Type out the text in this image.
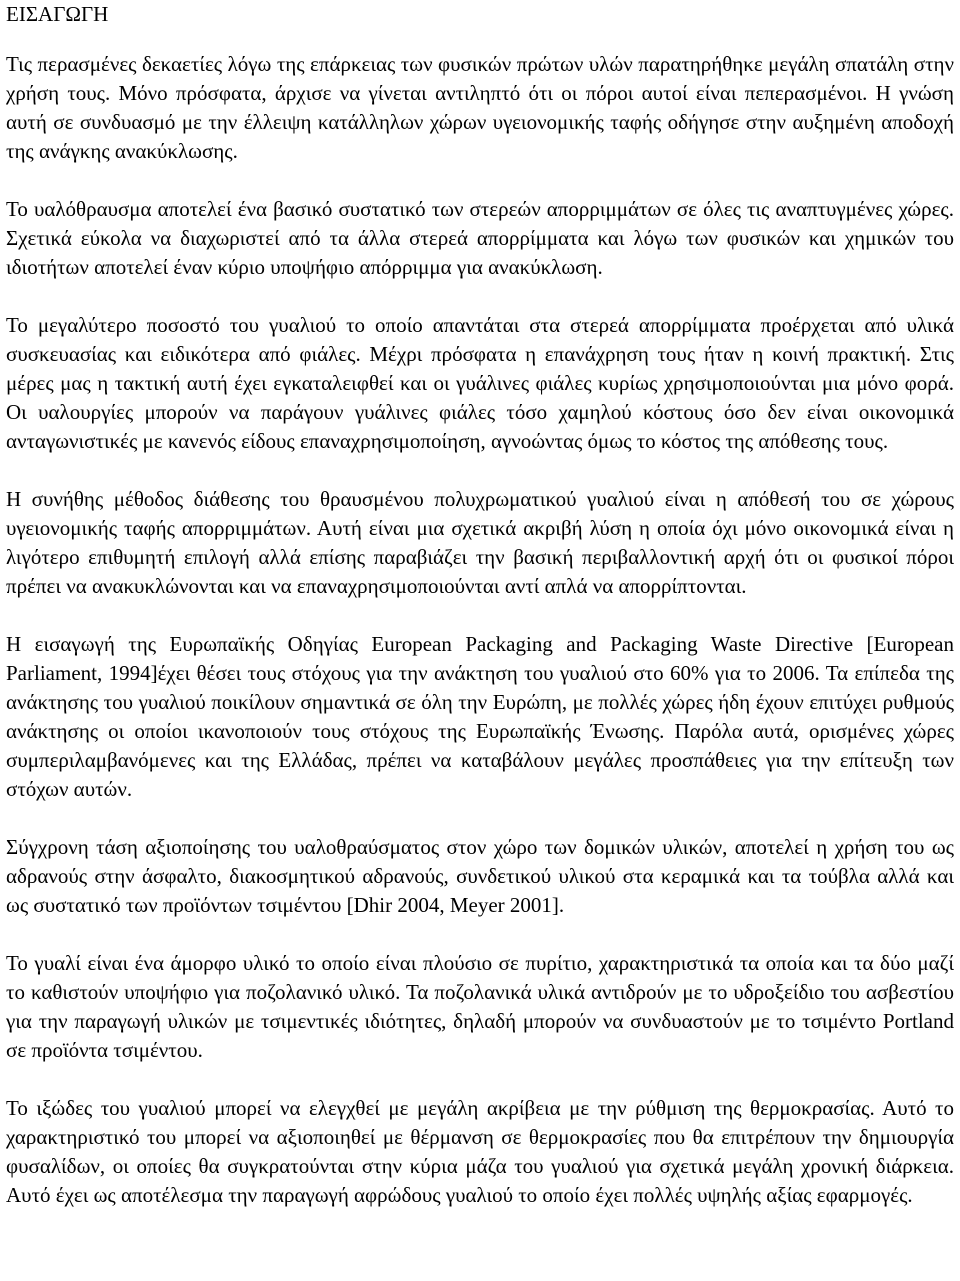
ΕΙΣΑΓΩΓΗ

Τις περασμένες δεκαετίες λόγω της επάρκειας των φυσικών πρώτων υλών παρατηρήθηκε μεγάλη σπατάλη στην χρήση τους. Μόνο πρόσφατα, άρχισε να γίνεται αντιληπτό ότι οι πόροι αυτοί είναι πεπερασμένοι. Η γνώση αυτή σε συνδυασμό με την έλλειψη κατάλληλων χώρων υγειονομικής ταφής οδήγησε στην αυξημένη αποδοχή της ανάγκης ανακύκλωσης.

Το υαλόθραυσμα αποτελεί ένα βασικό συστατικό των στερεών απορριμμάτων σε όλες τις αναπτυγμένες χώρες. Σχετικά εύκολα να διαχωριστεί από τα άλλα στερεά απορρίμματα και λόγω των φυσικών και χημικών του ιδιοτήτων αποτελεί έναν κύριο υποψήφιο απόρριμμα για ανακύκλωση.

Το μεγαλύτερο ποσοστό του γυαλιού το οποίο απαντάται στα στερεά απορρίμματα προέρχεται από υλικά συσκευασίας και ειδικότερα από φιάλες. Μέχρι πρόσφατα η επανάχρηση τους ήταν η κοινή πρακτική. Στις μέρες μας η τακτική αυτή έχει εγκαταλειφθεί και οι γυάλινες φιάλες κυρίως χρησιμοποιούνται μια μόνο φορά. Οι υαλουργίες μπορούν να παράγουν γυάλινες φιάλες τόσο χαμηλού κόστους όσο δεν είναι οικονομικά ανταγωνιστικές με κανενός είδους επαναχρησιμοποίηση, αγνοώντας όμως το κόστος της απόθεσης τους.

Η συνήθης μέθοδος διάθεσης του θραυσμένου πολυχρωματικού γυαλιού είναι η απόθεσή του σε χώρους υγειονομικής ταφής απορριμμάτων. Αυτή είναι μια σχετικά ακριβή λύση η οποία όχι μόνο οικονομικά είναι η λιγότερο επιθυμητή επιλογή αλλά επίσης παραβιάζει την βασική περιβαλλοντική αρχή ότι οι φυσικοί πόροι πρέπει να ανακυκλώνονται και να επαναχρησιμοποιούνται αντί απλά να απορρίπτονται.

Η εισαγωγή της Ευρωπαϊκής Οδηγίας European Packaging and Packaging Waste Directive [European Parliament, 1994]έχει θέσει τους στόχους για την ανάκτηση του γυαλιού στο 60% για το 2006. Τα επίπεδα της ανάκτησης του γυαλιού ποικίλουν σημαντικά σε όλη την Ευρώπη, με πολλές χώρες ήδη έχουν επιτύχει ρυθμούς ανάκτησης οι οποίοι ικανοποιούν τους στόχους της Ευρωπαϊκής Ένωσης. Παρόλα αυτά, ορισμένες χώρες συμπεριλαμβανόμενες και της Ελλάδας, πρέπει να καταβάλουν μεγάλες προσπάθειες για την επίτευξη των στόχων αυτών.

Σύγχρονη τάση αξιοποίησης του υαλοθραύσματος στον χώρο των δομικών υλικών, αποτελεί η χρήση του ως αδρανούς στην άσφαλτο, διακοσμητικού αδρανούς, συνδετικού υλικού στα κεραμικά και τα τούβλα αλλά και ως συστατικό των προϊόντων τσιμέντου [Dhir 2004, Meyer 2001].

Το γυαλί είναι ένα άμορφο υλικό το οποίο είναι πλούσιο σε πυρίτιο, χαρακτηριστικά τα οποία και τα δύο μαζί το καθιστούν υποψήφιο για ποζολανικό υλικό. Τα ποζολανικά υλικά αντιδρούν με το υδροξείδιο του ασβεστίου για την παραγωγή υλικών με τσιμεντικές ιδιότητες, δηλαδή μπορούν να συνδυαστούν με το τσιμέντο Portland σε προϊόντα τσιμέντου.

Το ιξώδες του γυαλιού μπορεί να ελεγχθεί με μεγάλη ακρίβεια με την ρύθμιση της θερμοκρασίας. Αυτό το χαρακτηριστικό του μπορεί να αξιοποιηθεί με θέρμανση σε θερμοκρασίες που θα επιτρέπουν την δημιουργία φυσαλίδων, οι οποίες θα συγκρατούνται στην κύρια μάζα του γυαλιού για σχετικά μεγάλη χρονική διάρκεια. Αυτό έχει ως αποτέλεσμα την παραγωγή αφρώδους γυαλιού το οποίο έχει πολλές υψηλής αξίας εφαρμογές.
